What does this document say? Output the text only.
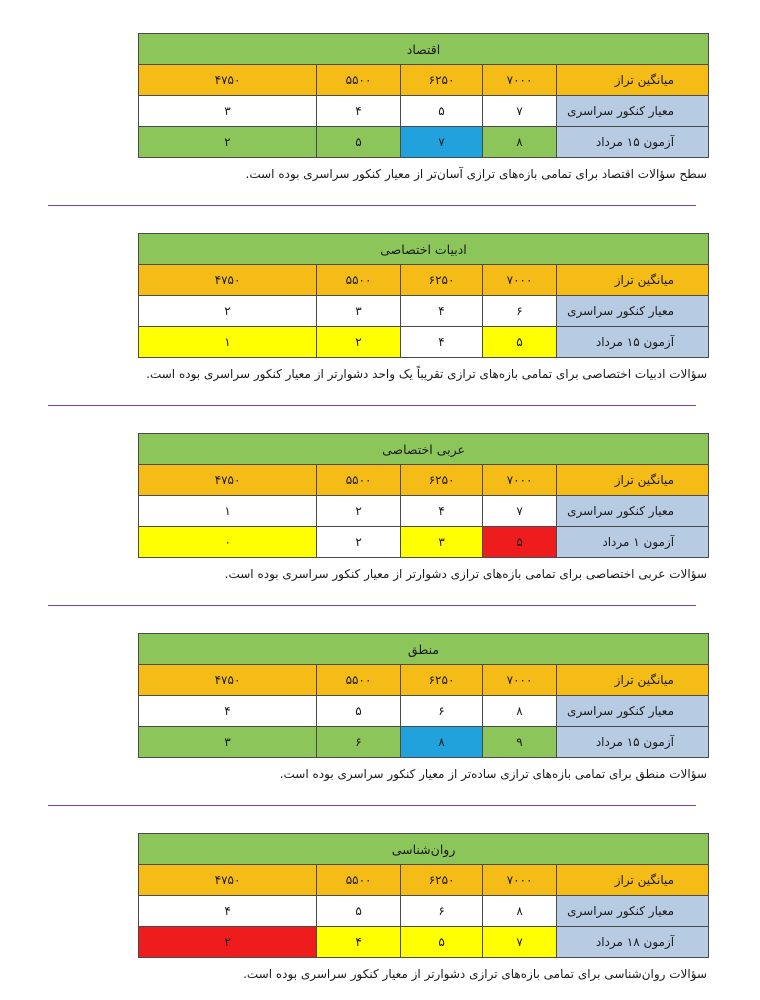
اقتصاد				
میانگین تراز	۷۰۰۰	۶۲۵۰	۵۵۰۰	۴۷۵۰
معیار کنکور سراسری	۷	۵	۴	۳
آزمون ۱۵ مرداد	۸	۷	۵	۲
سطح سؤالات اقتصاد برای تمامی بازه‌های ترازی آسان‌تر از معیار کنکور سراسری بوده است.
ادبیات اختصاصی				
میانگین تراز	۷۰۰۰	۶۲۵۰	۵۵۰۰	۴۷۵۰
معیار کنکور سراسری	۶	۴	۳	۲
آزمون ۱۵ مرداد	۵	۴	۲	۱
سؤالات ادبیات اختصاصی برای تمامی بازه‌های ترازی تقریباً یک واحد دشوارتر از معیار کنکور سراسری بوده است.
عربی اختصاصی				
میانگین تراز	۷۰۰۰	۶۲۵۰	۵۵۰۰	۴۷۵۰
معیار کنکور سراسری	۷	۴	۲	۱
آزمون ۱ مرداد	۵	۳	۲	۰
سؤالات عربی اختصاصی برای تمامی بازه‌های ترازی دشوارتر از معیار کنکور سراسری بوده است.
منطق				
میانگین تراز	۷۰۰۰	۶۲۵۰	۵۵۰۰	۴۷۵۰
معیار کنکور سراسری	۸	۶	۵	۴
آزمون ۱۵ مرداد	۹	۸	۶	۳
سؤالات منطق برای تمامی بازه‌های ترازی ساده‌تر از معیار کنکور سراسری بوده است.
روان‌شناسی				
میانگین تراز	۷۰۰۰	۶۲۵۰	۵۵۰۰	۴۷۵۰
معیار کنکور سراسری	۸	۶	۵	۴
آزمون ۱۸ مرداد	۷	۵	۴	۲
سؤالات روان‌شناسی برای تمامی بازه‌های ترازی دشوارتر از معیار کنکور سراسری بوده است.
